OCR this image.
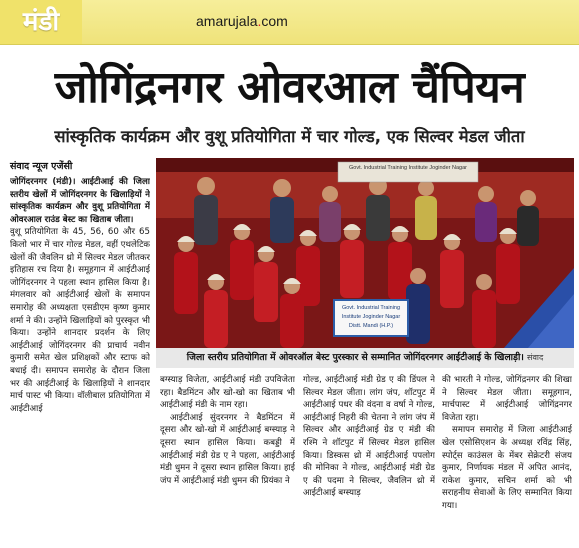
मंडी	amarujala.com
जोगिंद्रनगर ओवरआल चैंपियन
सांस्कृतिक कार्यक्रम और वुशू प्रतियोगिता में चार गोल्ड, एक सिल्वर मेडल जीता
संवाद न्यूज एजेंसी

जोगिंदरनगर (मंडी)। आईटीआई की जिला स्तरीय खेलों में जोगिंदरनगर के खिलाड़ियों ने सांस्कृतिक कार्यक्रम और वुशू प्रतियोगिता में ओवरआल राउंड बेस्ट का खिताब जीता।

वुशू प्रतियोगिता के 45, 56, 60 और 65 किलो भार में चार गोल्ड मेडल, वहीं एथलेटिक खेलों की जैवलिन थ्रो में सिल्वर मेडल जीतकर इतिहास रच दिया है। समूहगान में आईटीआई जोगिंदरनगर ने पहला स्थान हासिल किया है। मंगलवार को आईटीआई खेलों के समापन समारोह की अध्यक्षता एसडीएम कृष्ण कुमार शर्मा ने की। उन्होंने खिलाड़ियों को पुरस्कृत भी किया। उन्होंने शानदार प्रदर्शन के लिए आईटीआई जोगिंदरनगर की प्राचार्य नवीन कुमारी समेत खेल प्रशिक्षकों और स्टाफ को बधाई दी। समापन समारोह के दौरान जिला भर की आईटीआई के खिलाड़ियों ने शानदार मार्च पास्ट भी किया। वॉलीबाल प्रतियोगिता में आईटीआई

Govt. Industrial Training Institute Joginder Nagar
Govt. Industrial Training
Institute Joginder Nagar
Distt. Mandi (H.P.)
जिला स्तरीय प्रतियोगिता में ओवरऑल बेस्ट पुरस्कार से सम्मानित जोगिंदरनगर आईटीआई के खिलाड़ी। संवाद

बग्स्याड़ विजेता, आईटीआई मंडी उपविजेता रहा। बैडमिंटन और खो-खो का खिताब भी आईटीआई मंडी के नाम रहा।

आईटीआई सुंदरनगर ने बैडमिंटन में दूसरा और खो-खो में आईटीआई बग्स्याड़ ने दूसरा स्थान हासिल किया। कबड्डी में आईटीआई मंडी ग्रेड ए ने पहला, आईटीआई मंडी धुमन ने दूसरा स्थान हासिल किया। हाई जंप में आईटीआई मंडी धुमन की प्रियंका ने

गोल्ड, आईटीआई मंडी ग्रेड ए की डिंपल ने सिल्वर मेडल जीता। लांग जंप, शॉटपुट में आईटीआई पधर की वंदना व वर्षा ने गोल्ड, आईटीआई निहरी की चेतना ने लांग जंप में सिल्वर और आईटीआई ग्रेड ए मंडी की रश्मि ने शॉटपुट में सिल्वर मेडल हासिल किया। डिस्कस थ्रो में आईटीआई पपलोग की मोनिका ने गोल्ड, आईटीआई मंडी ग्रेड ए की पदमा ने सिल्वर, जैवलिन थ्रो में आईटीआई बग्स्याड़

की भारती ने गोल्ड, जोगिंद्रनगर की शिखा ने सिल्वर मेडल जीता। समूहगान, मार्चपास्ट में आईटीआई जोगिंद्रनगर विजेता रहा।

समापन समारोह में जिला आईटीआई खेल एसोसिएशन के अध्यक्ष रविंद्र सिंह, स्पोर्ट्स काउंसल के मेंबर सेक्रेटरी संजय कुमार, निर्णायक मंडल में अपित आनंद, राकेश कुमार, सचिन शर्मा को भी सराहनीय सेवाओं के लिए सम्मानित किया गया।
